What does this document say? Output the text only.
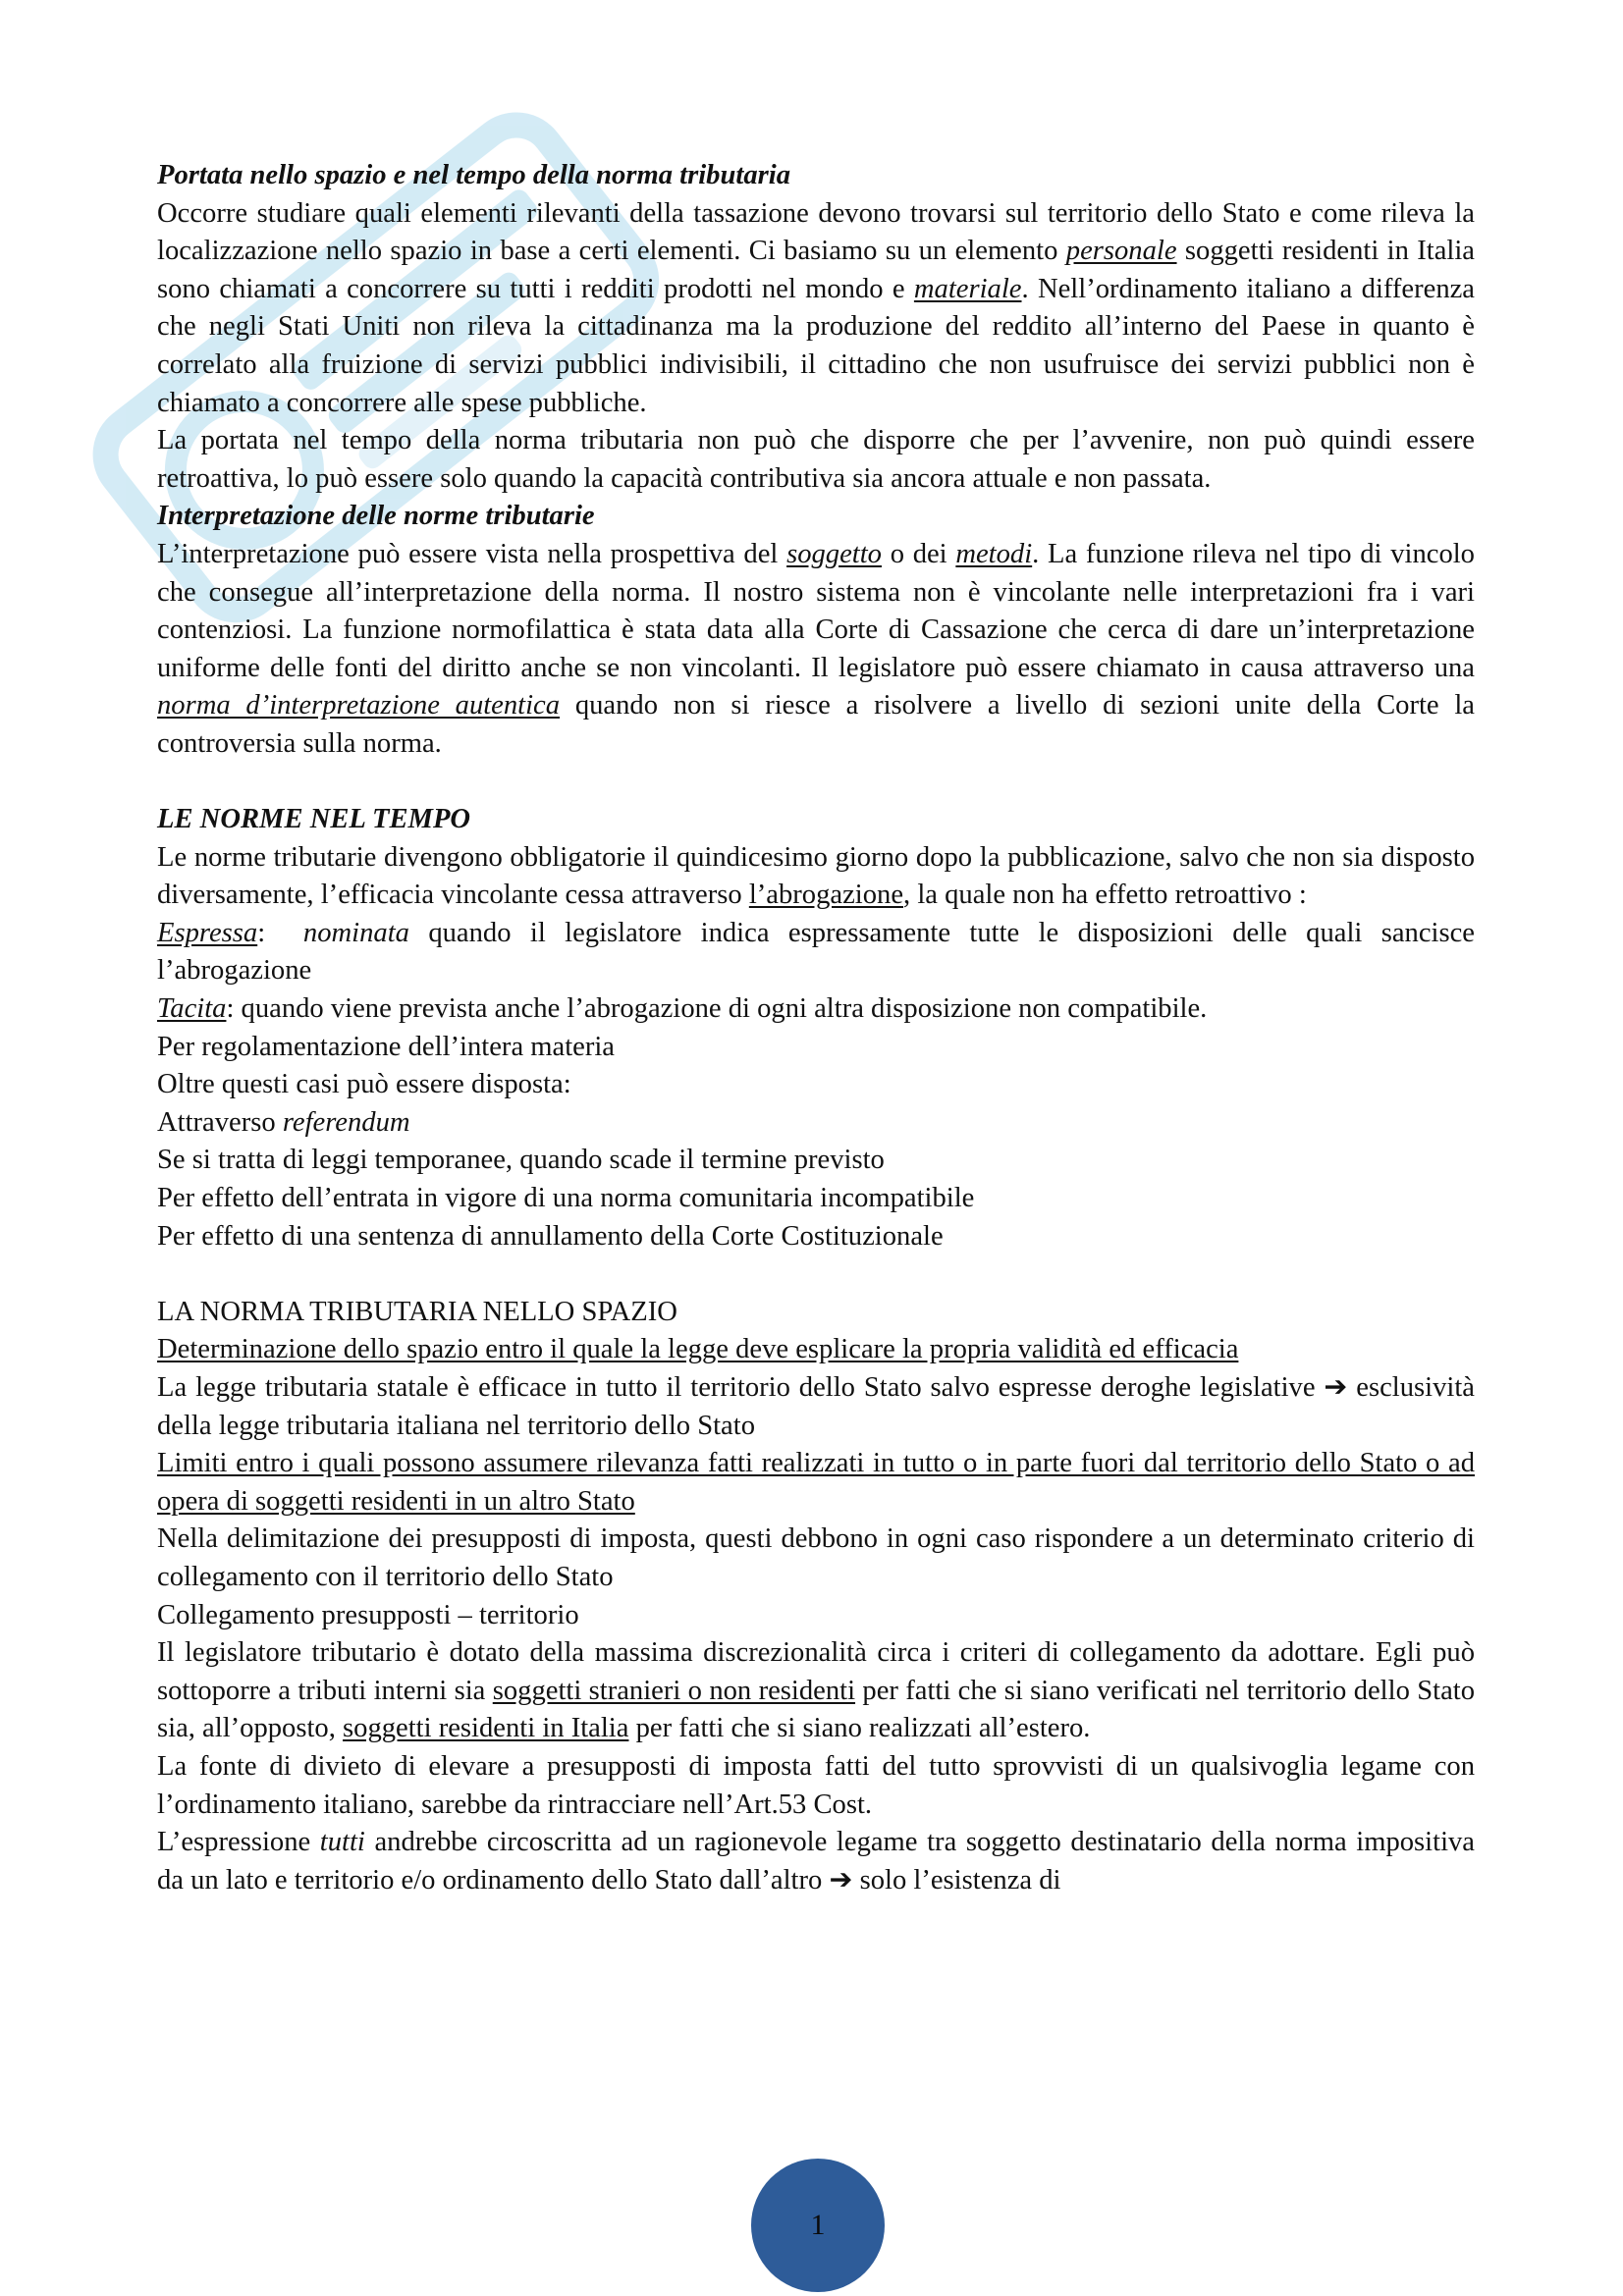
Portata nello spazio e nel tempo della norma tributaria

Occorre studiare quali elementi rilevanti della tassazione devono trovarsi sul territorio dello Stato e come rileva la localizzazione nello spazio in base a certi elementi. Ci basiamo su un elemento personale soggetti residenti in Italia sono chiamati a concorrere su tutti i redditi prodotti nel mondo e materiale. Nell’ordinamento italiano a differenza che negli Stati Uniti non rileva la cittadinanza ma la produzione del reddito all’interno del Paese in quanto è correlato alla fruizione di servizi pubblici indivisibili, il cittadino che non usufruisce dei servizi pubblici non è chiamato a concorrere alle spese pubbliche.

La portata nel tempo della norma tributaria non può che disporre che per l’avvenire, non può quindi essere retroattiva, lo può essere solo quando la capacità contributiva sia ancora attuale e non passata.

Interpretazione delle norme tributarie

L’interpretazione può essere vista nella prospettiva del soggetto o dei metodi. La funzione rileva nel tipo di vincolo che consegue all’interpretazione della norma. Il nostro sistema non è vincolante nelle interpretazioni fra i vari contenziosi. La funzione normofilattica è stata data alla Corte di Cassazione che cerca di dare un’interpretazione uniforme delle fonti del diritto anche se non vincolanti. Il legislatore può essere chiamato in causa attraverso una norma d’interpretazione autentica quando non si riesce a risolvere a livello di sezioni unite della Corte la controversia sulla norma.

LE NORME NEL TEMPO

Le norme tributarie divengono obbligatorie il quindicesimo giorno dopo la pubblicazione, salvo che non sia disposto diversamente, l’efficacia vincolante cessa attraverso l’abrogazione, la quale non ha effetto retroattivo :

Espressa:  nominata quando il legislatore indica espressamente tutte le disposizioni delle quali sancisce l’abrogazione

Tacita: quando viene prevista anche l’abrogazione di ogni altra disposizione non compatibile.

Per regolamentazione dell’intera materia

Oltre questi casi può essere disposta:

Attraverso referendum

Se si tratta di leggi temporanee, quando scade il termine previsto

Per effetto dell’entrata in vigore di una norma comunitaria incompatibile

Per effetto di una sentenza di annullamento della Corte Costituzionale

LA NORMA TRIBUTARIA NELLO SPAZIO

Determinazione dello spazio entro il quale la legge deve esplicare la propria validità ed efficacia

La legge tributaria statale è efficace in tutto il territorio dello Stato salvo espresse deroghe legislative ➔ esclusività della legge tributaria italiana nel territorio dello Stato

Limiti entro i quali possono assumere rilevanza fatti realizzati in tutto o in parte fuori dal territorio dello Stato o ad opera di soggetti residenti in un altro Stato

Nella delimitazione dei presupposti di imposta, questi debbono in ogni caso rispondere a un determinato criterio di collegamento con il territorio dello Stato

Collegamento presupposti – territorio

Il legislatore tributario è dotato della massima discrezionalità circa i criteri di collegamento da adottare. Egli può sottoporre a tributi interni sia soggetti stranieri o non residenti per fatti che si siano verificati nel territorio dello Stato sia, all’opposto, soggetti residenti in Italia per fatti che si siano realizzati all’estero.

La fonte di divieto di elevare a presupposti di imposta fatti del tutto sprovvisti di un qualsivoglia legame con l’ordinamento italiano, sarebbe da rintracciare nell’Art.53 Cost.

L’espressione tutti andrebbe circoscritta ad un ragionevole legame tra soggetto destinatario della norma impositiva da un lato e territorio e/o ordinamento dello Stato dall’altro ➔ solo l’esistenza di

1
